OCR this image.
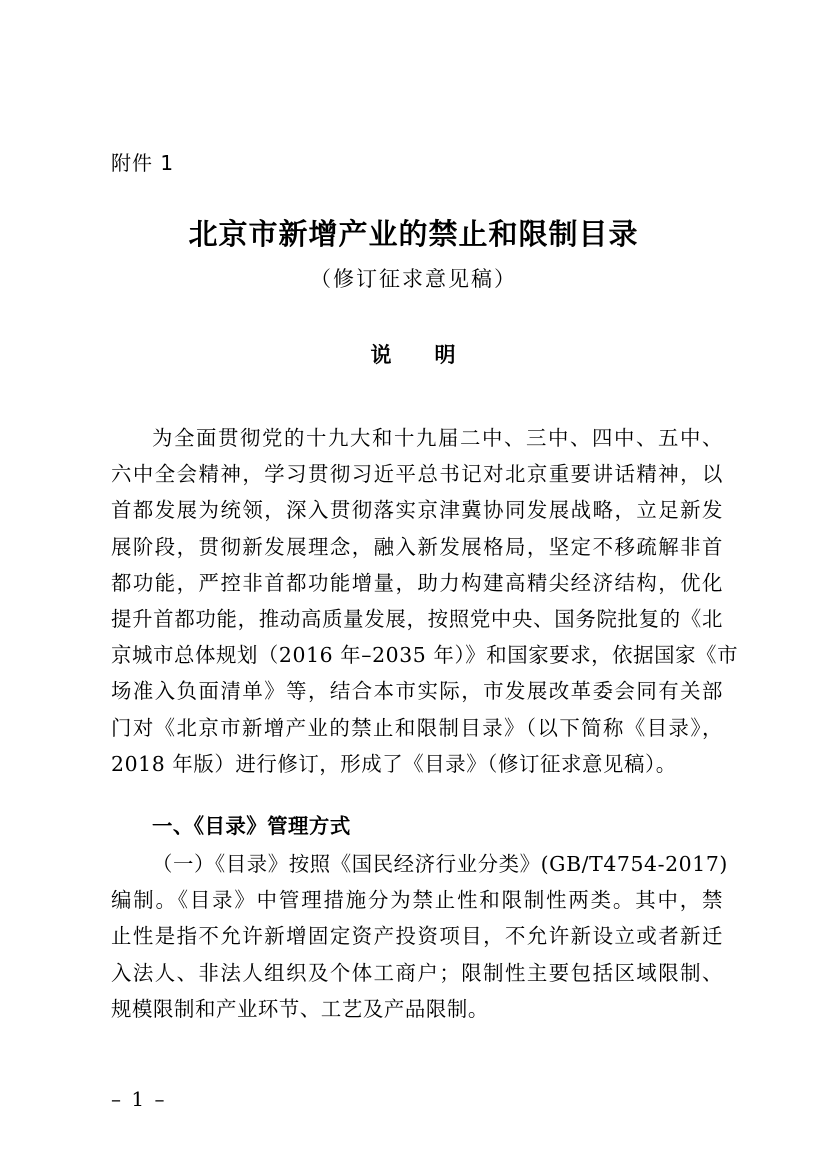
附件 1
北京市新增产业的禁止和限制目录
（修订征求意见稿）
说 明
为全面贯彻党的十九大和十九届二中、三中、四中、五中、
六中全会精神，学习贯彻习近平总书记对北京重要讲话精神，以
首都发展为统领，深入贯彻落实京津冀协同发展战略，立足新发
展阶段，贯彻新发展理念，融入新发展格局，坚定不移疏解非首
都功能，严控非首都功能增量，助力构建高精尖经济结构，优化
提升首都功能，推动高质量发展，按照党中央、国务院批复的《北
京城市总体规划（2016 年–2035 年）》和国家要求，依据国家《市
场准入负面清单》等，结合本市实际，市发展改革委会同有关部
门对《北京市新增产业的禁止和限制目录》（以下简称《目录》，
2018 年版）进行修订，形成了《目录》（修订征求意见稿）。
一、《目录》管理方式
（一）《目录》按照《国民经济行业分类》(GB/T4754-2017)
编制。《目录》中管理措施分为禁止性和限制性两类。其中，禁
止性是指不允许新增固定资产投资项目，不允许新设立或者新迁
入法人、非法人组织及个体工商户；限制性主要包括区域限制、
规模限制和产业环节、工艺及产品限制。
– 1 –
